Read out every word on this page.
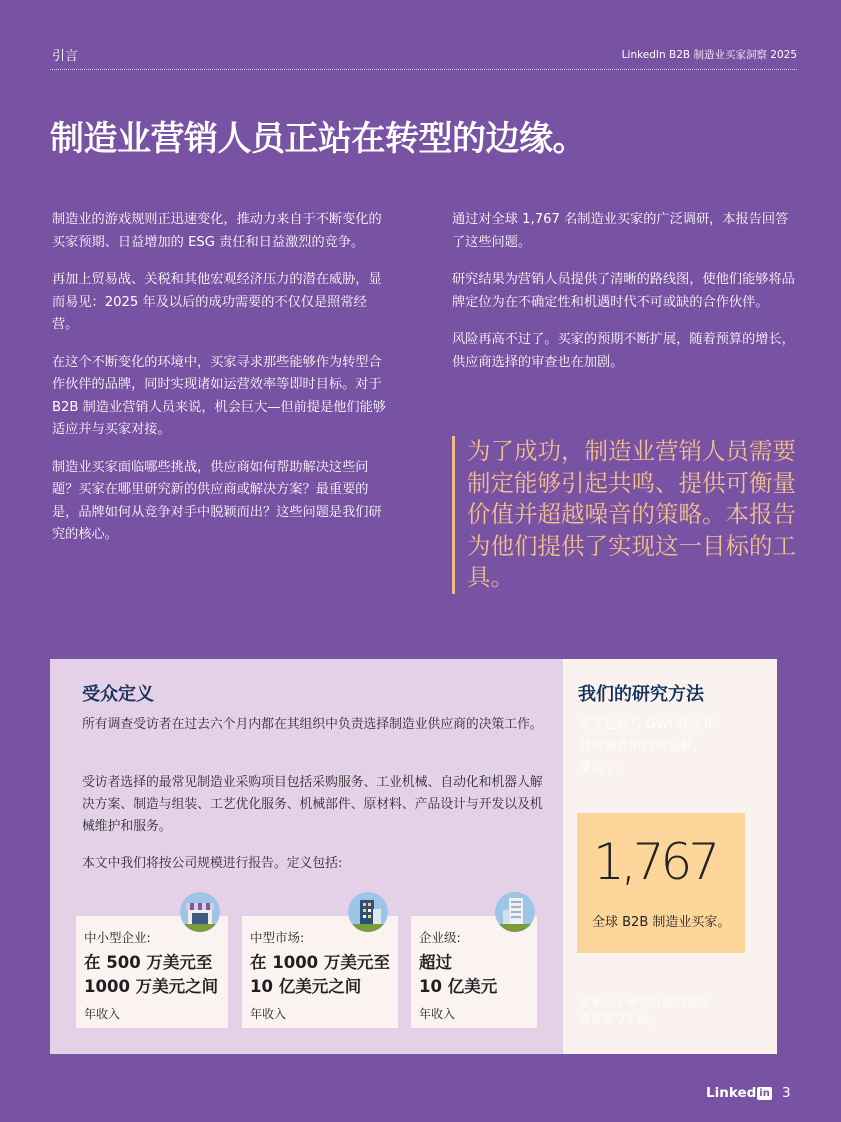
引言	LinkedIn B2B 制造业买家洞察 2025
制造业营销人员正站在转型的边缘。

制造业的游戏规则正迅速变化，推动力来自于不断变化的买家预期、日益增加的 ESG 责任和日益激烈的竞争。

再加上贸易战、关税和其他宏观经济压力的潜在威胁，显而易见：2025 年及以后的成功需要的不仅仅是照常经营。

在这个不断变化的环境中，买家寻求那些能够作为转型合作伙伴的品牌，同时实现诸如运营效率等即时目标。对于 B2B 制造业营销人员来说，机会巨大—但前提是他们能够适应并与买家对接。

制造业买家面临哪些挑战，供应商如何帮助解决这些问题？买家在哪里研究新的供应商或解决方案？最重要的是，品牌如何从竞争对手中脱颖而出？这些问题是我们研究的核心。

通过对全球 1,767 名制造业买家的广泛调研，本报告回答了这些问题。

研究结果为营销人员提供了清晰的路线图，使他们能够将品牌定位为在不确定性和机遇时代不可或缺的合作伙伴。

风险再高不过了。买家的预期不断扩展，随着预算的增长，供应商选择的审查也在加剧。

为了成功，制造业营销人员需要制定能够引起共鸣、提供可衡量价值并超越噪音的策略。本报告为他们提供了实现这一目标的工具。
受众定义
所有调查受访者在过去六个月内都在其组织中负责选择制造业供应商的决策工作。
受访者选择的最常见制造业采购项目包括采购服务、工业机械、自动化和机器人解决方案、制造与组装、工艺优化服务、机械部件、原材料、产品设计与开发以及机械维护和服务。
本文中我们将按公司规模进行报告。定义包括:
中小型企业:
在 500 万美元至
1000 万美元之间
年收入
中型市场:
在 1000 万美元至
10 亿美元之间
年收入
企业级:
超过
10 亿美元
年收入
我们的研究方法
本文包括与 GWI 联合开
展的调查所得的见解，
覆盖了：
1,767
全球 B2B 制造业买家。
更多关于研究方法的信息
请见第 27 页。
Linked in 3
